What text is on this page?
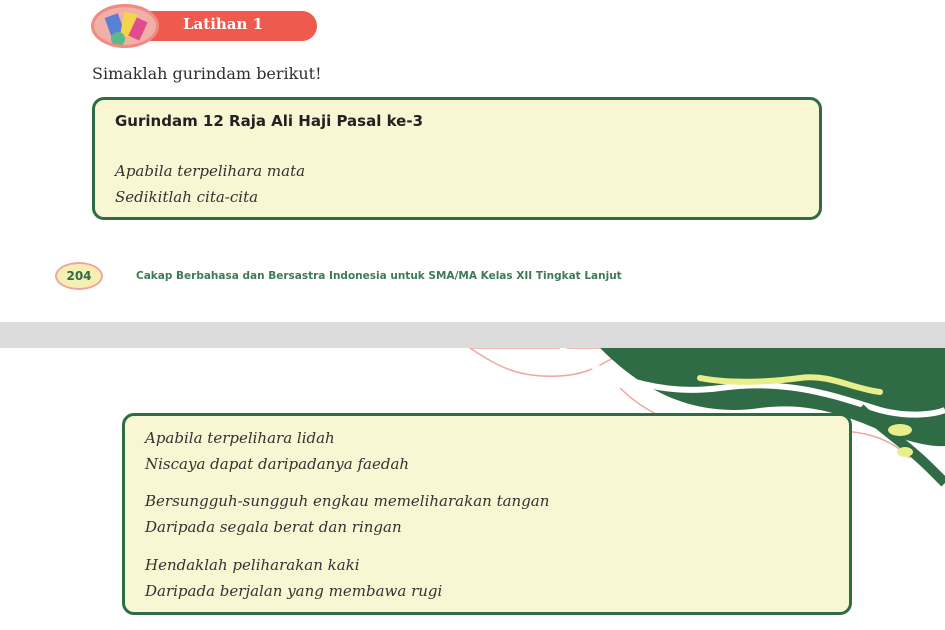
Latihan 1
Simaklah gurindam berikut!
Gurindam 12 Raja Ali Haji Pasal ke-3
Apabila terpelihara mata
Sedikitlah cita-cita
204	Cakap Berbahasa dan Bersastra Indonesia untuk SMA/MA Kelas XII Tingkat Lanjut
Apabila terpelihara lidah
Niscaya dapat daripadanya faedah
Bersungguh-sungguh engkau memeliharakan tangan
Daripada segala berat dan ringan
Hendaklah peliharakan kaki
Daripada berjalan yang membawa rugi
